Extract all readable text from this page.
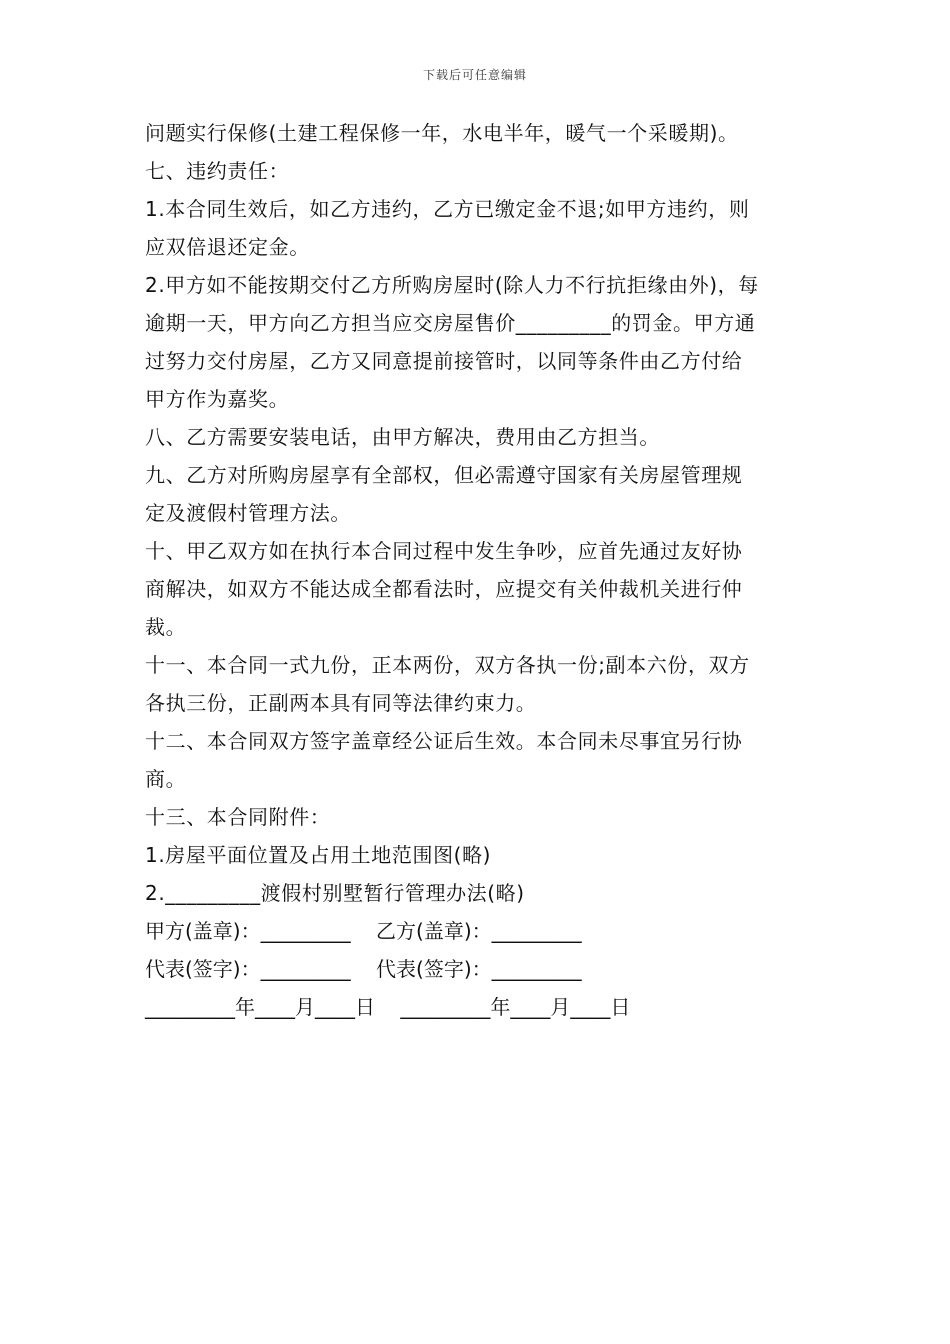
下载后可任意编辑

问题实行保修(土建工程保修一年，水电半年，暖气一个采暖期)。

七、违约责任：

1.本合同生效后，如乙方违约，乙方已缴定金不退;如甲方违约，则

应双倍退还定金。

2.甲方如不能按期交付乙方所购房屋时(除人力不行抗拒缘由外)，每

逾期一天，甲方向乙方担当应交房屋售价_________的罚金。甲方通

过努力交付房屋，乙方又同意提前接管时，以同等条件由乙方付给

甲方作为嘉奖。

八、乙方需要安装电话，由甲方解决，费用由乙方担当。

九、乙方对所购房屋享有全部权，但必需遵守国家有关房屋管理规

定及渡假村管理方法。

十、甲乙双方如在执行本合同过程中发生争吵，应首先通过友好协

商解决，如双方不能达成全都看法时，应提交有关仲裁机关进行仲

裁。

十一、本合同一式九份，正本两份，双方各执一份;副本六份，双方

各执三份，正副两本具有同等法律约束力。

十二、本合同双方签字盖章经公证后生效。本合同未尽事宜另行协

商。

十三、本合同附件：

1.房屋平面位置及占用土地范围图(略)

2._________渡假村别墅暂行管理办法(略)

甲方(盖章)：_________    乙方(盖章)：_________

代表(签字)：_________    代表(签字)：_________

_________年____月____日    _________年____月____日
